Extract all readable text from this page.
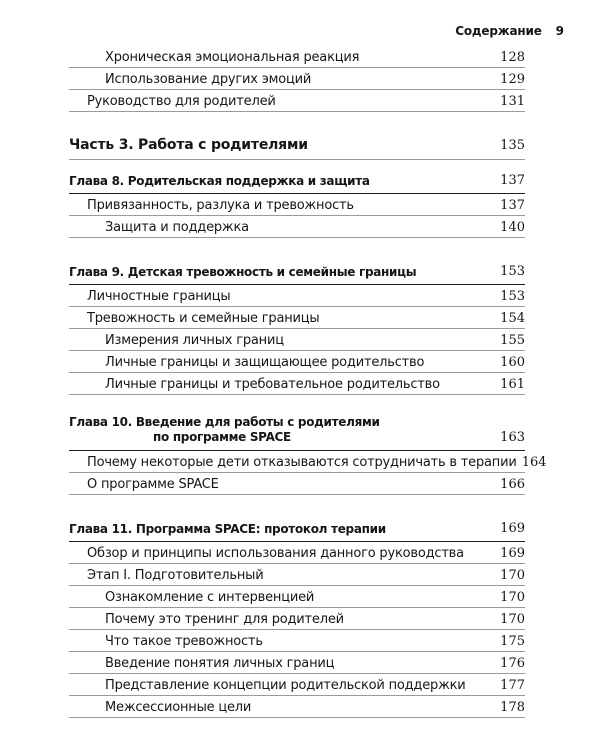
Содержание 9
Хроническая эмоциональная реакция	128
Использование других эмоций	129
Руководство для родителей	131
Часть 3. Работа с родителями	135
Глава 8. Родительская поддержка и защита	137
Привязанность, разлука и тревожность	137
Защита и поддержка	140
Глава 9. Детская тревожность и семейные границы	153
Личностные границы	153
Тревожность и семейные границы	154
Измерения личных границ	155
Личные границы и защищающее родительство	160
Личные границы и требовательное родительство	161
Глава 10. Введение для работы с родителями
по программе SPACE	163
Почему некоторые дети отказываются сотрудничать в терапии 164
О программе SPACE	166
Глава 11. Программа SPACE: протокол терапии	169
Обзор и принципы использования данного руководства	169
Этап I. Подготовительный	170
Ознакомление с интервенцией	170
Почему это тренинг для родителей	170
Что такое тревожность	175
Введение понятия личных границ	176
Представление концепции родительской поддержки	177
Межсессионные цели	178
